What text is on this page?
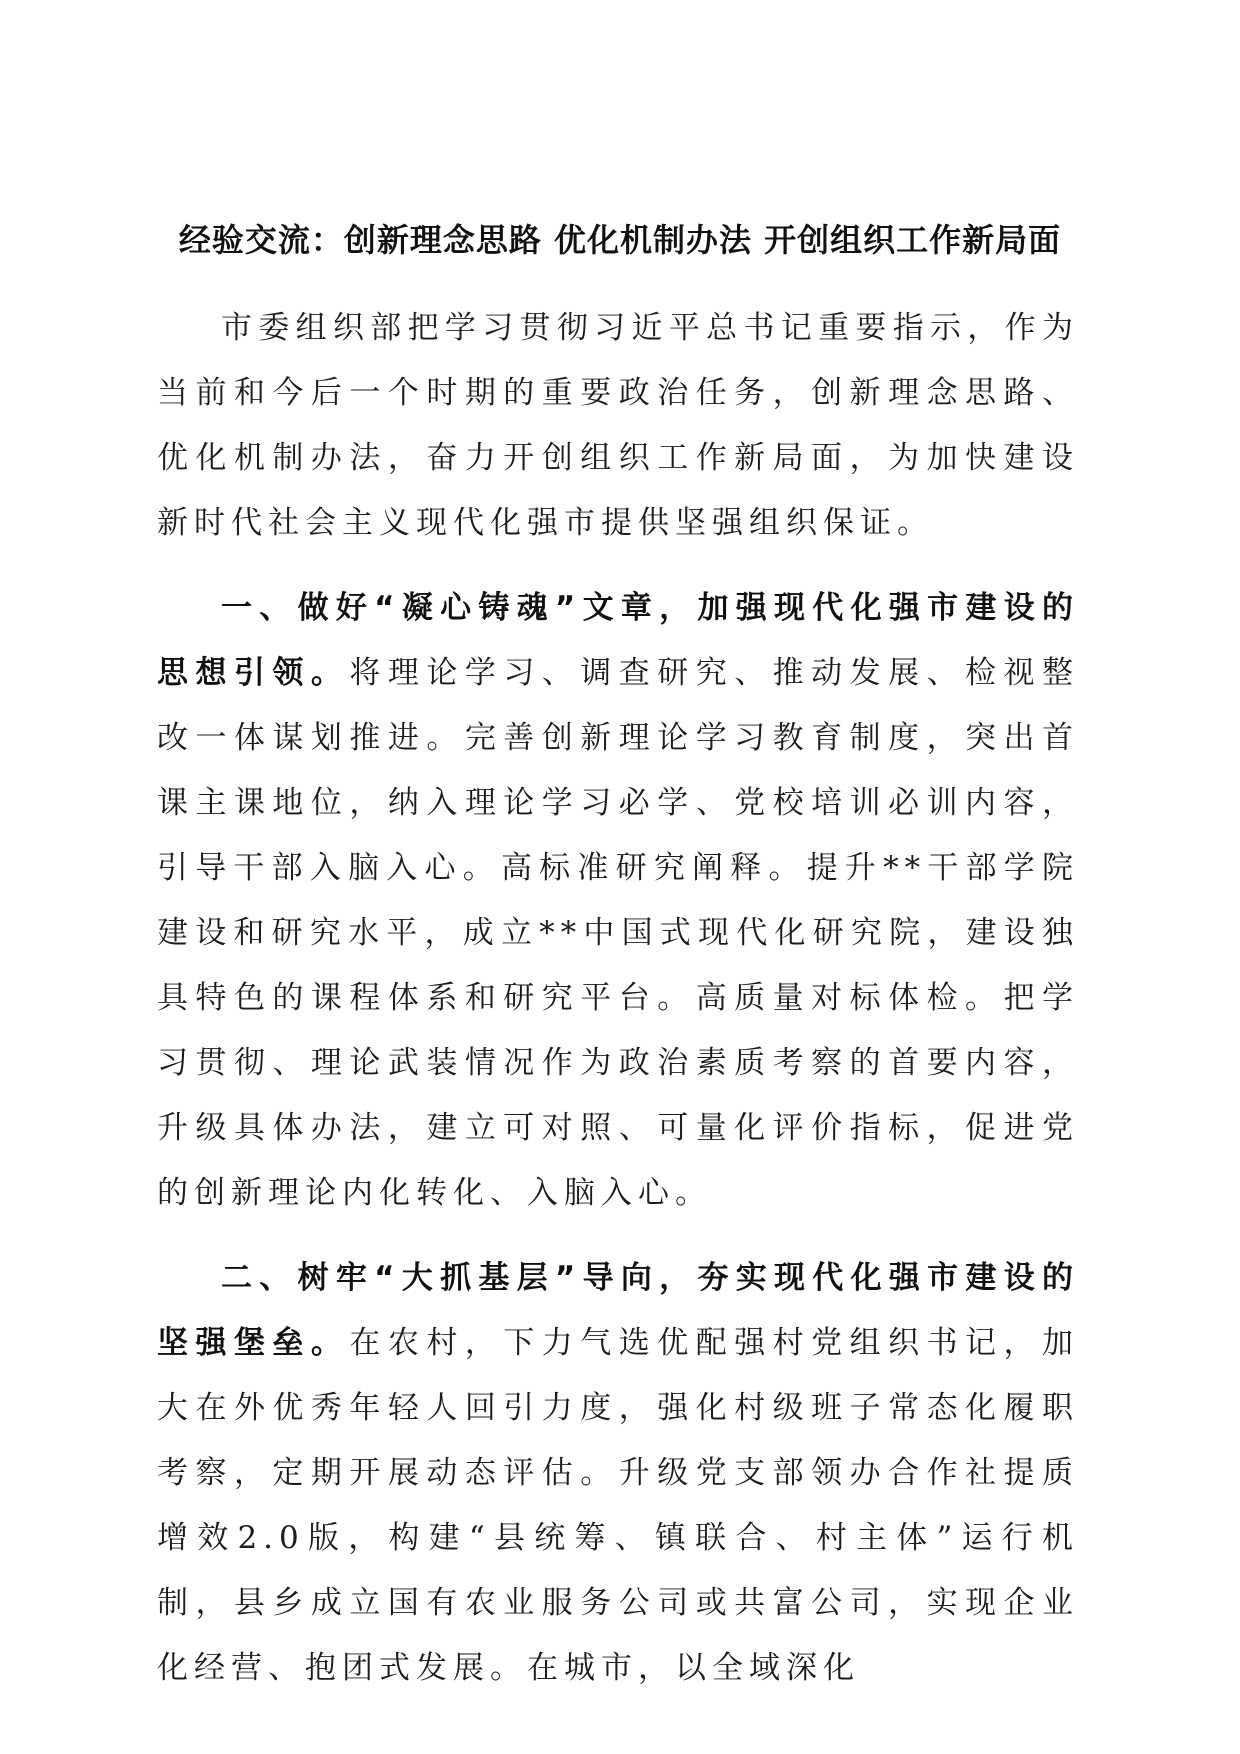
经验交流：创新理念思路 优化机制办法 开创组织工作新局面

市委组织部把学习贯彻习近平总书记重要指示，作为当前和今后一个时期的重要政治任务，创新理念思路、优化机制办法，奋力开创组织工作新局面，为加快建设新时代社会主义现代化强市提供坚强组织保证。

一、做好“凝心铸魂”文章，加强现代化强市建设的思想引领。将理论学习、调查研究、推动发展、检视整改一体谋划推进。完善创新理论学习教育制度，突出首课主课地位，纳入理论学习必学、党校培训必训内容，引导干部入脑入心。高标准研究阐释。提升**干部学院建设和研究水平，成立**中国式现代化研究院，建设独具特色的课程体系和研究平台。高质量对标体检。把学习贯彻、理论武装情况作为政治素质考察的首要内容，升级具体办法，建立可对照、可量化评价指标，促进党的创新理论内化转化、入脑入心。

二、树牢“大抓基层”导向，夯实现代化强市建设的坚强堡垒。在农村，下力气选优配强村党组织书记，加大在外优秀年轻人回引力度，强化村级班子常态化履职考察，定期开展动态评估。升级党支部领办合作社提质增效2.0版，构建“县统筹、镇联合、村主体”运行机制，县乡成立国有农业服务公司或共富公司，实现企业化经营、抱团式发展。在城市，以全域深化
